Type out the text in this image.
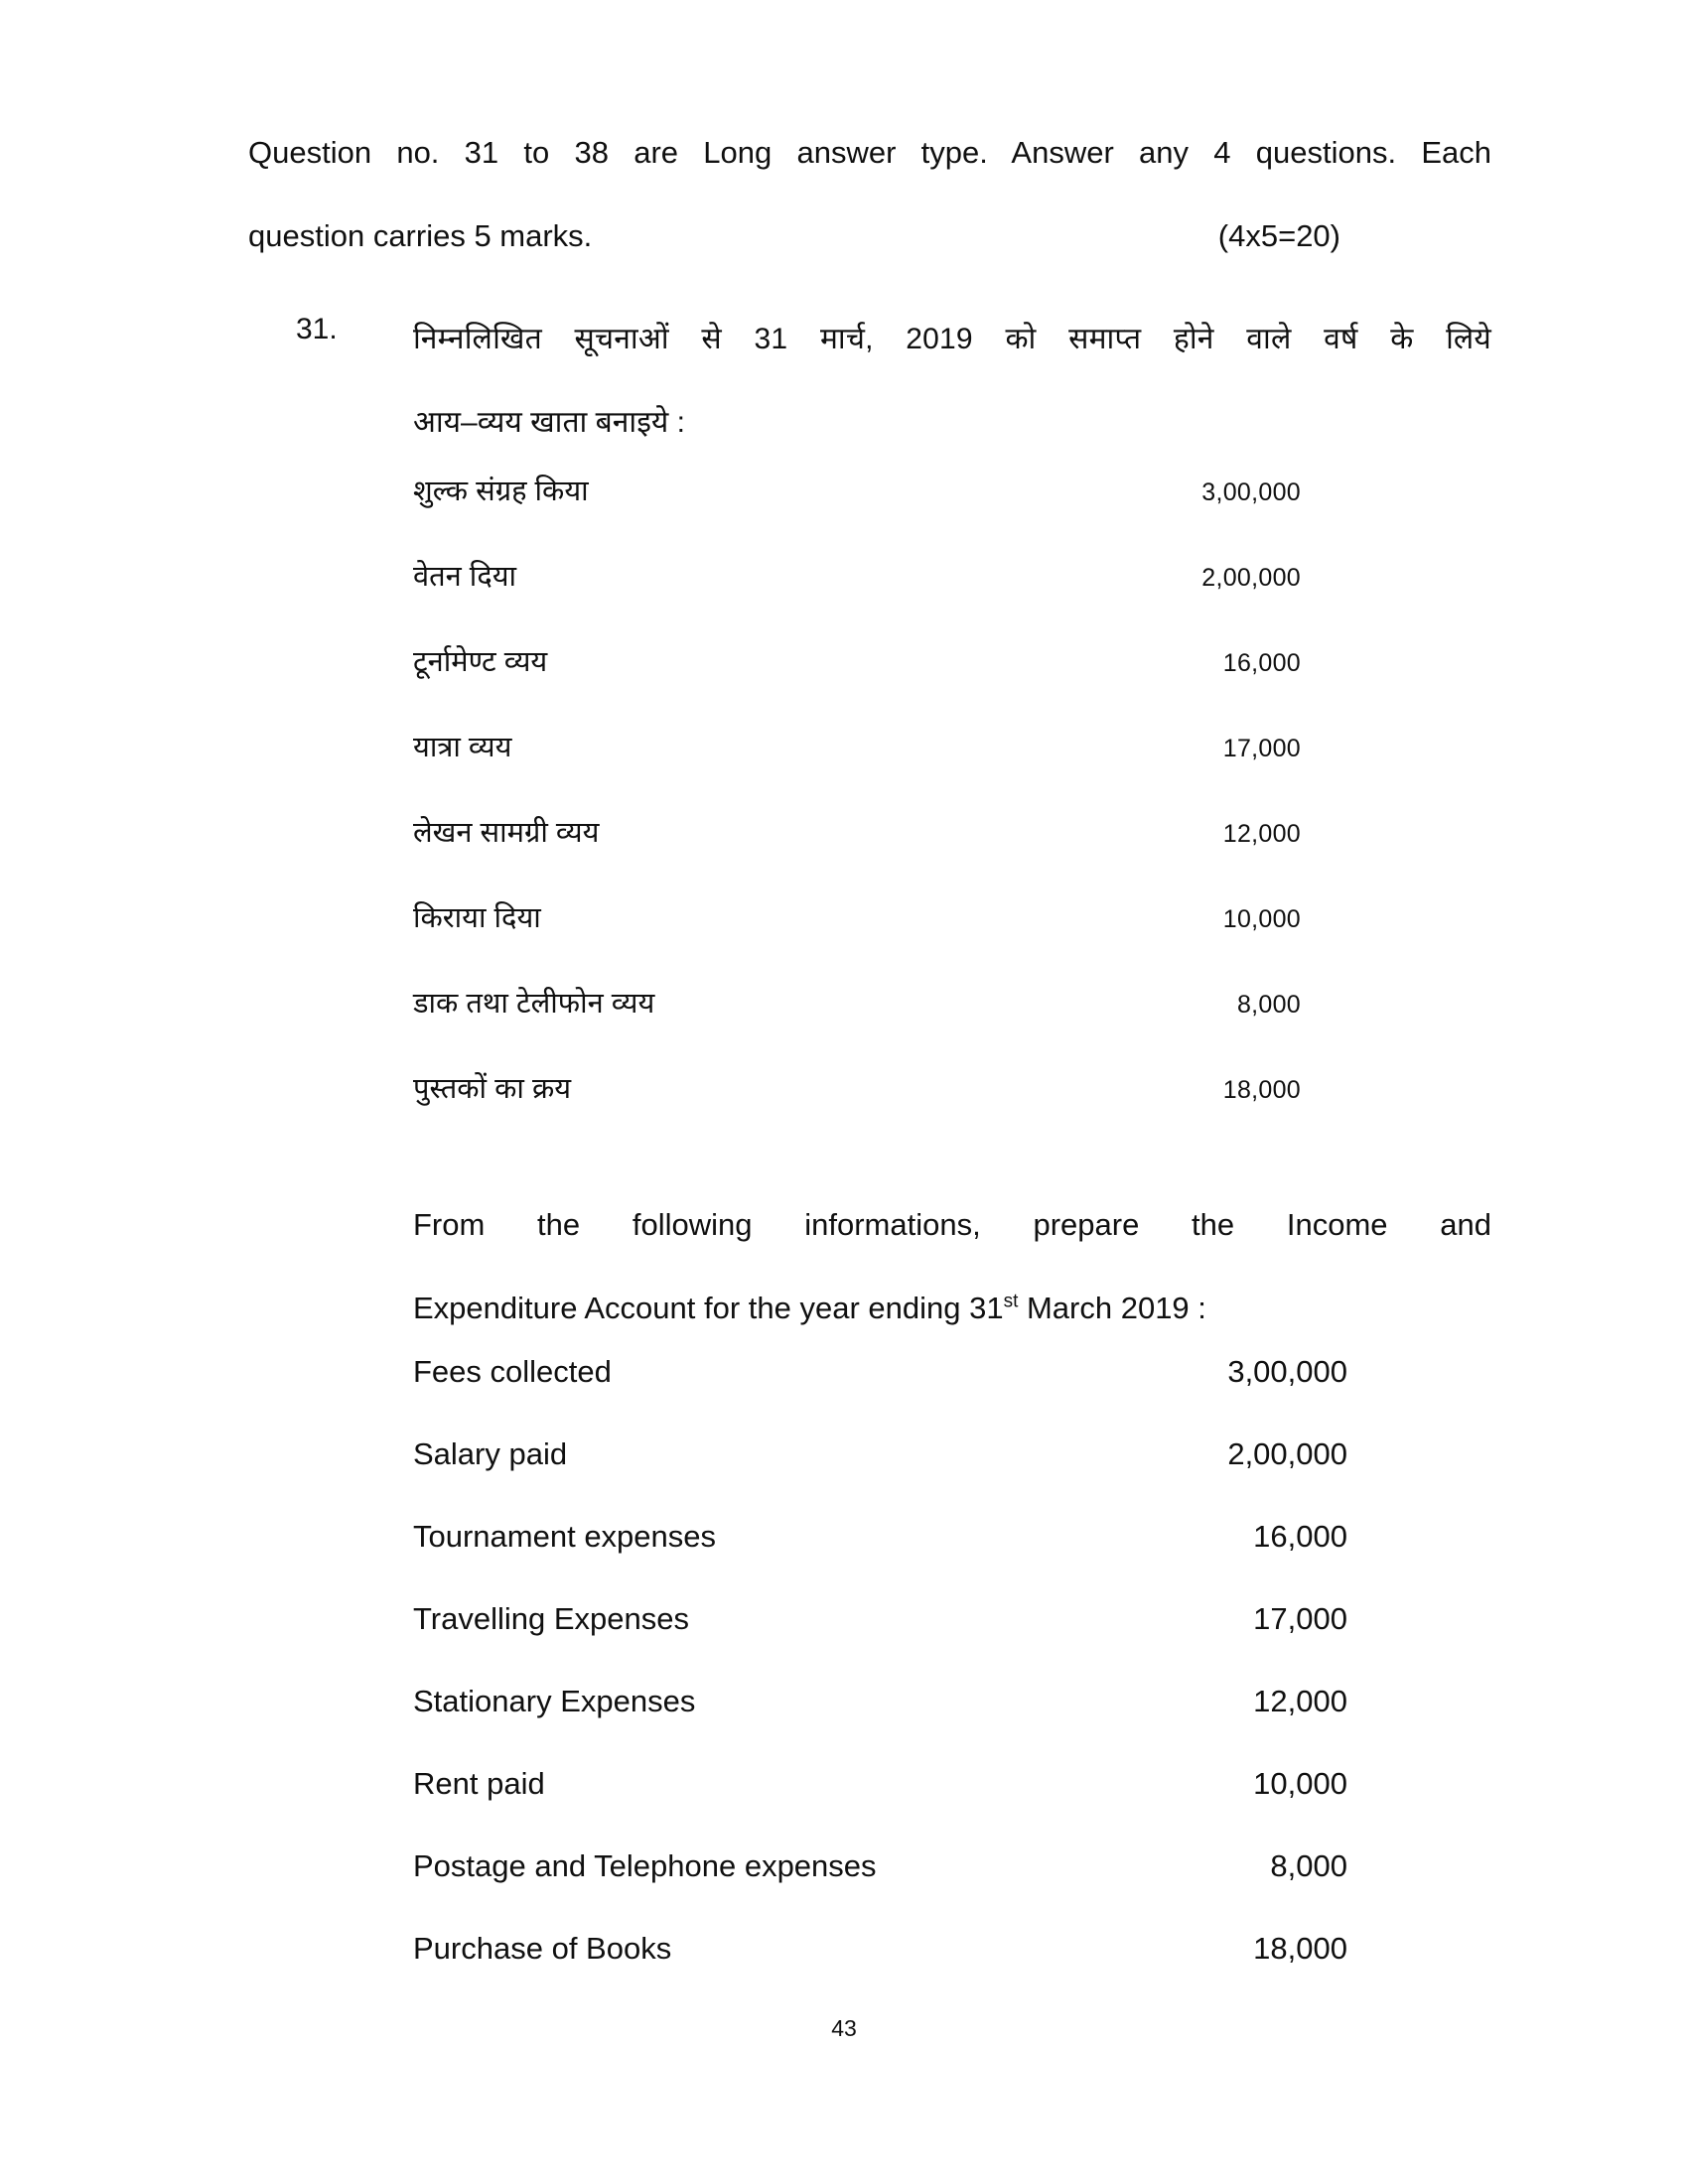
Question no. 31 to 38 are Long answer type. Answer any 4 questions. Each
question carries 5 marks.	(4x5=20)
31.	निम्नलिखित सूचनाओं से 31 मार्च, 2019 को समाप्त होने वाले वर्ष के लिये
आय–व्यय खाता बनाइये :
शुल्क संग्रह किया	3,00,000
वेतन दिया	2,00,000
टूर्नामेण्ट व्यय	16,000
यात्रा व्यय	17,000
लेखन सामग्री व्यय	12,000
किराया दिया	10,000
डाक तथा टेलीफोन व्यय	8,000
पुस्तकों का क्रय	18,000
From the following informations, prepare the Income and
Expenditure Account for the year ending 31st March 2019 :
Fees collected	3,00,000
Salary paid	2,00,000
Tournament expenses	16,000
Travelling Expenses	17,000
Stationary Expenses	12,000
Rent paid	10,000
Postage and Telephone expenses	8,000
Purchase of Books	18,000
43
